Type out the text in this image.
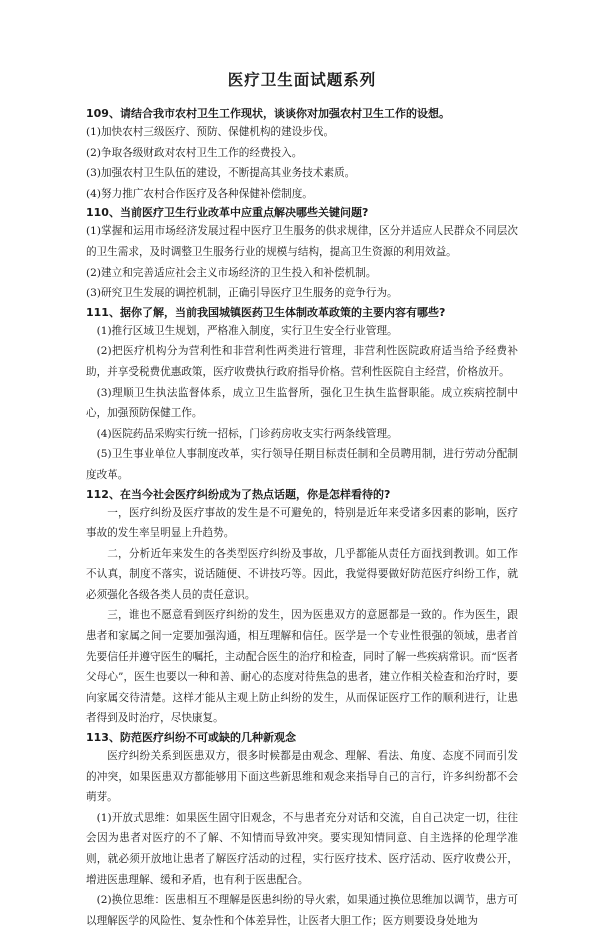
医疗卫生面试题系列

109、请结合我市农村卫生工作现状，谈谈你对加强农村卫生工作的设想。

(1)加快农村三级医疗、预防、保健机构的建设步伐。

(2)争取各级财政对农村卫生工作的经费投入。

(3)加强农村卫生队伍的建设，不断提高其业务技术素质。

(4)努力推广农村合作医疗及各种保健补偿制度。

110、当前医疗卫生行业改革中应重点解决哪些关键问题?

(1)掌握和运用市场经济发展过程中医疗卫生服务的供求规律，区分并适应人民群众不同层次的卫生需求，及时调整卫生服务行业的规模与结构，提高卫生资源的利用效益。

(2)建立和完善适应社会主义市场经济的卫生投入和补偿机制。

(3)研究卫生发展的调控机制，正确引导医疗卫生服务的竞争行为。

111、据你了解，当前我国城镇医药卫生体制改革政策的主要内容有哪些?

(1)推行区域卫生规划，严格准入制度，实行卫生安全行业管理。

(2)把医疗机构分为营利性和非营利性两类进行管理，非营利性医院政府适当给予经费补助，并享受税费优惠政策，医疗收费执行政府指导价格。营利性医院自主经营，价格放开。

(3)理顺卫生执法监督体系，成立卫生监督所，强化卫生执生监督职能。成立疾病控制中心，加强预防保健工作。

(4)医院药品采购实行统一招标，门诊药房收支实行两条线管理。

(5)卫生事业单位人事制度改革，实行领导任期目标责任制和全员聘用制，进行劳动分配制度改革。

112、在当今社会医疗纠纷成为了热点话题，你是怎样看待的?

一，医疗纠纷及医疗事故的发生是不可避免的，特别是近年来受诸多因素的影响，医疗事故的发生率呈明显上升趋势。

二，分析近年来发生的各类型医疗纠纷及事故，几乎都能从责任方面找到教训。如工作不认真，制度不落实，说话随便、不讲技巧等。因此，我觉得要做好防范医疗纠纷工作，就必须强化各级各类人员的责任意识。

三，谁也不愿意看到医疗纠纷的发生，因为医患双方的意愿都是一致的。作为医生，跟患者和家属之间一定要加强沟通，相互理解和信任。医学是一个专业性很强的领域，患者首先要信任并遵守医生的嘱托，主动配合医生的治疗和检查，同时了解一些疾病常识。而“医者父母心”，医生也要以一种和善、耐心的态度对待焦急的患者，建立作相关检查和治疗时，要向家属交待清楚。这样才能从主观上防止纠纷的发生，从而保证医疗工作的顺利进行，让患者得到及时治疗，尽快康复。

113、防范医疗纠纷不可或缺的几种新观念

医疗纠纷关系到医患双方，很多时候都是由观念、理解、看法、角度、态度不同而引发的冲突，如果医患双方都能够用下面这些新思维和观念来指导自己的言行，许多纠纷都不会萌芽。

(1)开放式思维：如果医生固守旧观念，不与患者充分对话和交流，自自己决定一切，往往会因为患者对医疗的不了解、不知情而导致冲突。要实现知情同意、自主选择的伦理学准则，就必须开放地让患者了解医疗活动的过程，实行医疗技术、医疗活动、医疗收费公开，增进医患理解、缓和矛盾，也有利于医患配合。

(2)换位思维：医患相互不理解是医患纠纷的导火索，如果通过换位思维加以调节，患方可以理解医学的风险性、复杂性和个体差异性，让医者大胆工作；医方则要设身处地为
